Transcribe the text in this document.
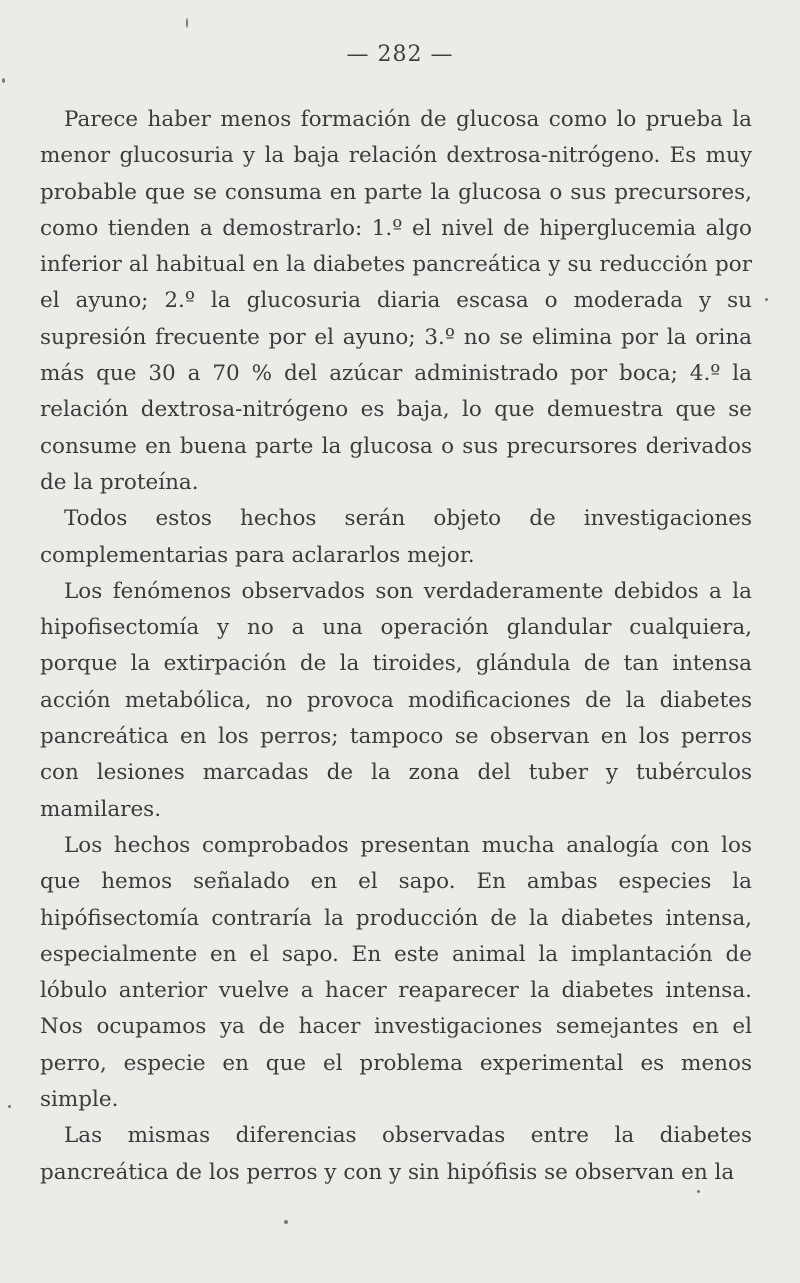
— 282 —

Parece haber menos formación de glucosa como lo prueba la menor glucosuria y la baja relación dextrosa-nitrógeno. Es muy probable que se consuma en parte la glucosa o sus precursores, como tienden a demostrarlo: 1.º el nivel de hiperglucemia algo inferior al habitual en la diabetes pancreática y su reducción por el ayuno; 2.º la glucosuria diaria escasa o moderada y su supresión frecuente por el ayuno; 3.º no se elimina por la orina más que 30 a 70 % del azúcar administrado por boca; 4.º la relación dextrosa-nitrógeno es baja, lo que demuestra que se consume en buena parte la glucosa o sus precursores derivados de la proteína.

Todos estos hechos serán objeto de investigaciones complementarias para aclararlos mejor.

Los fenómenos observados son verdaderamente debidos a la hipofisectomía y no a una operación glandular cualquiera, porque la extirpación de la tiroides, glándula de tan intensa acción metabólica, no provoca modificaciones de la diabetes pancreática en los perros; tampoco se observan en los perros con lesiones marcadas de la zona del tuber y tubérculos mamilares.

Los hechos comprobados presentan mucha analogía con los que hemos señalado en el sapo. En ambas especies la hipófisectomía contraría la producción de la diabetes intensa, especialmente en el sapo. En este animal la implantación de lóbulo anterior vuelve a hacer reaparecer la diabetes intensa. Nos ocupamos ya de hacer investigaciones semejantes en el perro, especie en que el problema experimental es menos simple.

Las mismas diferencias observadas entre la diabetes pancreática de los perros y con y sin hipófisis se observan en la
